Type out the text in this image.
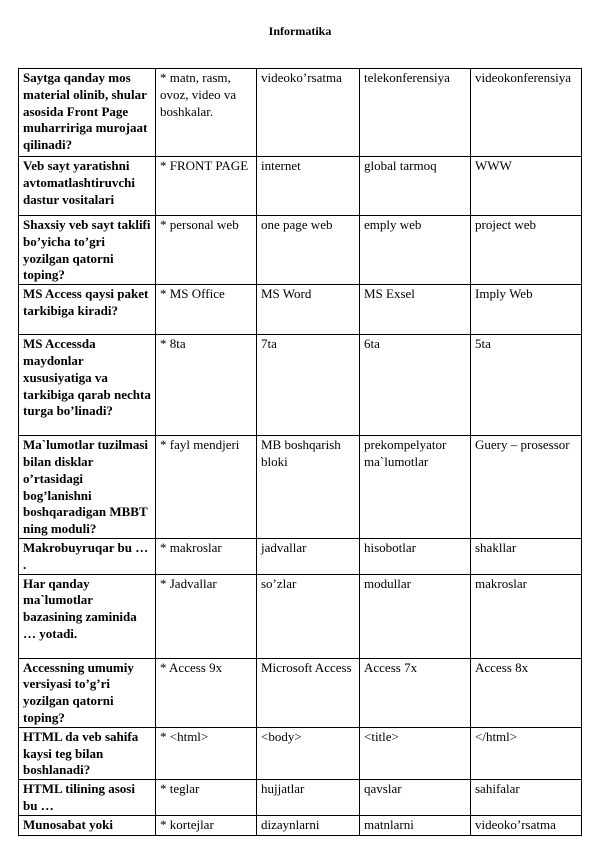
Informatika
Saytga qanday mos material olinib, shular asosida Front Page muharririga murojaat qilinadi?	* matn, rasm, ovoz, video va boshkalar.	videoko’rsatma	telekonferensiya	videokonferensiya
Veb sayt yaratishni avtomatlashtiruvchi dastur vositalari	* FRONT PAGE	internet	global tarmoq	WWW
Shaxsiy veb sayt taklifi bo’yicha to’gri yozilgan qatorni toping?	* personal web	one page web	emply web	project web
MS Access qaysi paket tarkibiga kiradi?	* MS Office	MS Word	MS Exsel	Imply Web
MS Accessda maydonlar xususiyatiga va tarkibiga qarab nechta turga bo’linadi?	* 8ta	7ta	6ta	5ta
Ma`lumotlar tuzilmasi bilan disklar o’rtasidagi bog’lanishni boshqaradigan MBBT ning moduli?	* fayl mendjeri	MB boshqarish bloki	prekompelyator ma`lumotlar	Guery – prosessor
Makrobuyruqar bu … .	* makroslar	jadvallar	hisobotlar	shakllar
Har qanday ma`lumotlar bazasining zaminida … yotadi.	* Jadvallar	so’zlar	modullar	makroslar
Accessning umumiy versiyasi to’g’ri yozilgan qatorni toping?	* Access 9x	Microsoft Access	Access 7x	Access 8x
HTML da veb sahifa kaysi teg bilan boshlanadi?	* <html>	<body>	<title>	</html>
HTML tilining asosi bu …	* teglar	hujjatlar	qavslar	sahifalar
Munosabat yoki	* kortejlar	dizaynlarni	matnlarni	videoko’rsatma
